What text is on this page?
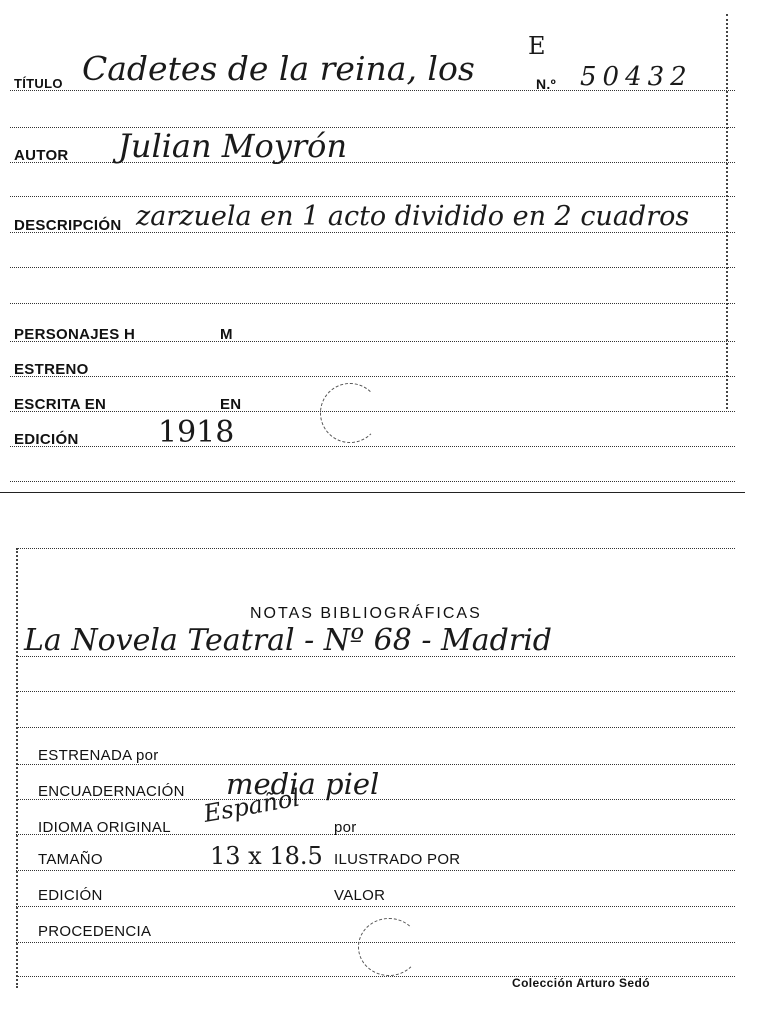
TÍTULO Cadetes de la reina, los
E
N.º 50432
AUTOR Julian Moyrón
DESCRIPCIÓN zarzuela en 1 acto dividido en 2 cuadros
PERSONAJES H	M
ESTRENO
ESCRITA EN	EN
EDICIÓN	1918
NOTAS BIBLIOGRÁFICAS
La Novela Teatral - Nº 68 - Madrid
ESTRENADA por
ENCUADERNACIÓN media piel
IDIOMA ORIGINAL Español por
TAMAÑO	13 x 18.5 ILUSTRADO POR
EDICIÓN	VALOR
PROCEDENCIA
Colección Arturo Sedó
